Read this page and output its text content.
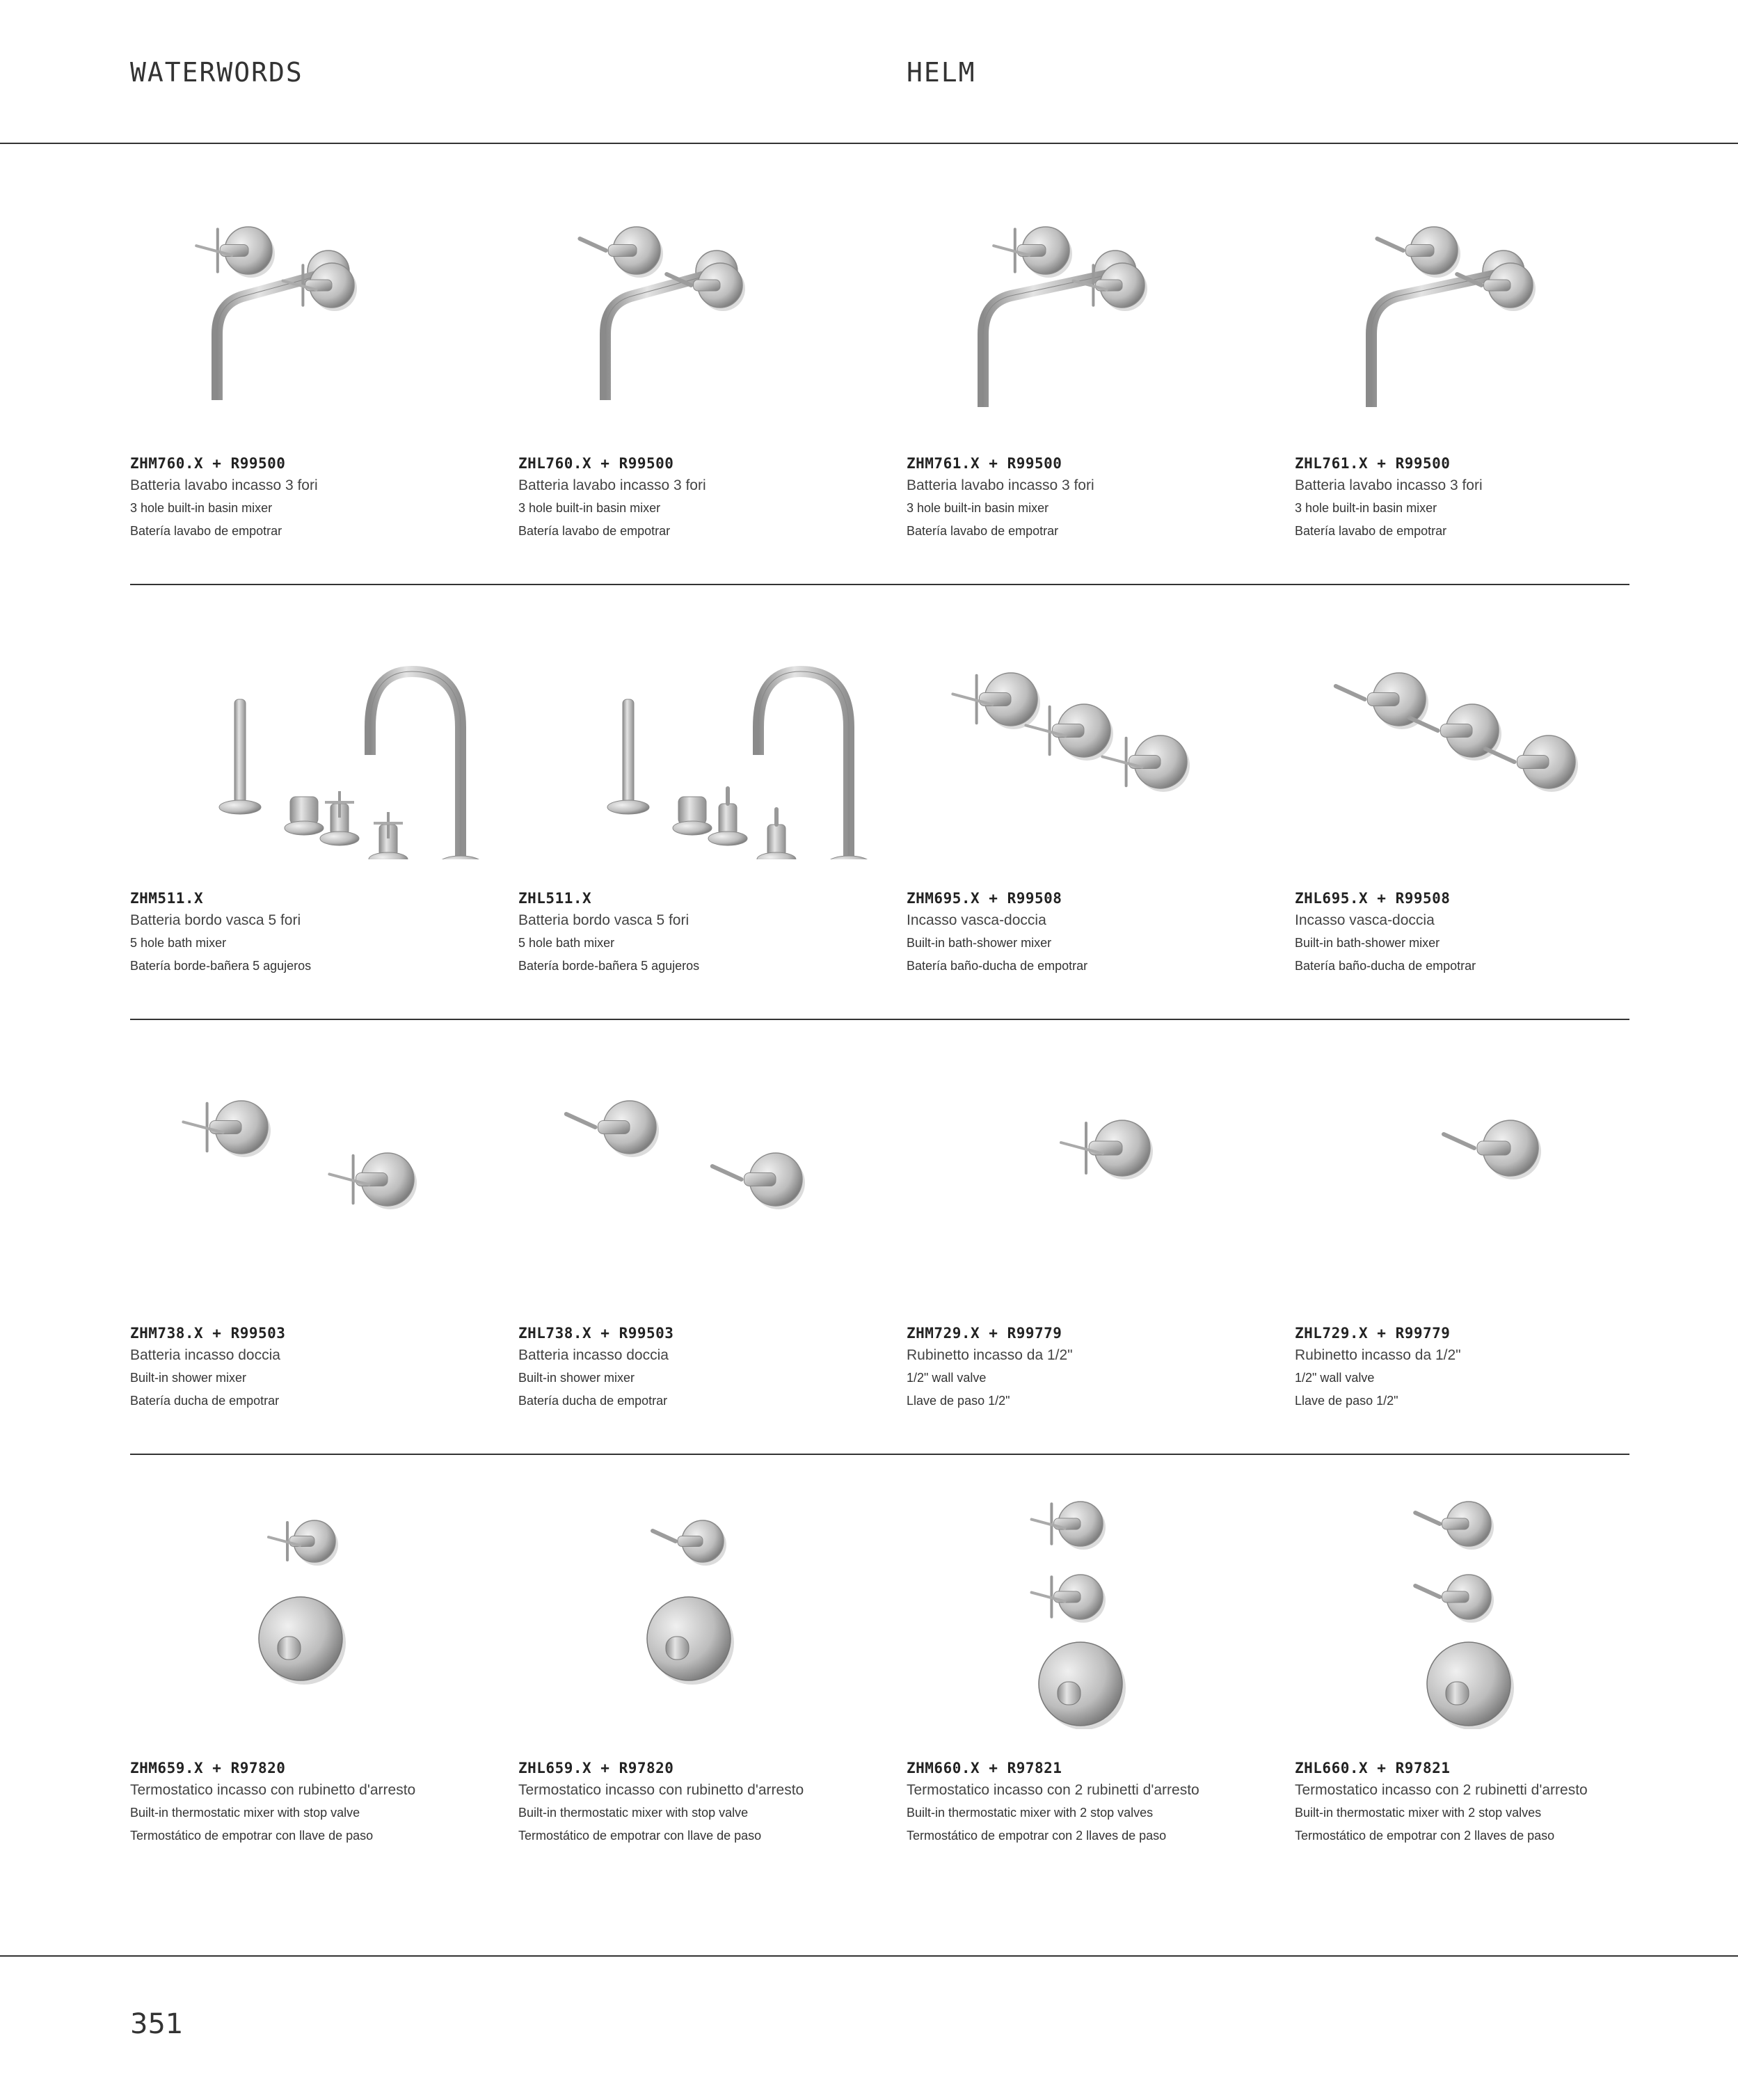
WATERWORDS	HELM
ZHM760.X + R99500
Batteria lavabo incasso 3 fori
3 hole built-in basin mixer
Batería lavabo de empotrar
ZHL760.X + R99500
Batteria lavabo incasso 3 fori
3 hole built-in basin mixer
Batería lavabo de empotrar
ZHM761.X + R99500
Batteria lavabo incasso 3 fori
3 hole built-in basin mixer
Batería lavabo de empotrar
ZHL761.X + R99500
Batteria lavabo incasso 3 fori
3 hole built-in basin mixer
Batería lavabo de empotrar
ZHM511.X
Batteria bordo vasca 5 fori
5 hole bath mixer
Batería borde-bañera 5 agujeros
ZHL511.X
Batteria bordo vasca 5 fori
5 hole bath mixer
Batería borde-bañera 5 agujeros
ZHM695.X + R99508
Incasso vasca-doccia
Built-in bath-shower mixer
Batería baño-ducha de empotrar
ZHL695.X + R99508
Incasso vasca-doccia
Built-in bath-shower mixer
Batería baño-ducha de empotrar
ZHM738.X + R99503
Batteria incasso doccia
Built-in shower mixer
Batería ducha de empotrar
ZHL738.X + R99503
Batteria incasso doccia
Built-in shower mixer
Batería ducha de empotrar
ZHM729.X + R99779
Rubinetto incasso da 1/2"
1/2" wall valve
Llave de paso 1/2"
ZHL729.X + R99779
Rubinetto incasso da 1/2"
1/2" wall valve
Llave de paso 1/2"
ZHM659.X + R97820
Termostatico incasso con rubinetto d'arresto
Built-in thermostatic mixer with stop valve
Termostático de empotrar con llave de paso
ZHL659.X + R97820
Termostatico incasso con rubinetto d'arresto
Built-in thermostatic mixer with stop valve
Termostático de empotrar con llave de paso
ZHM660.X + R97821
Termostatico incasso con 2 rubinetti d'arresto
Built-in thermostatic mixer with 2 stop valves
Termostático de empotrar con 2 llaves de paso
ZHL660.X + R97821
Termostatico incasso con 2 rubinetti d'arresto
Built-in thermostatic mixer with 2 stop valves
Termostático de empotrar con 2 llaves de paso
351
